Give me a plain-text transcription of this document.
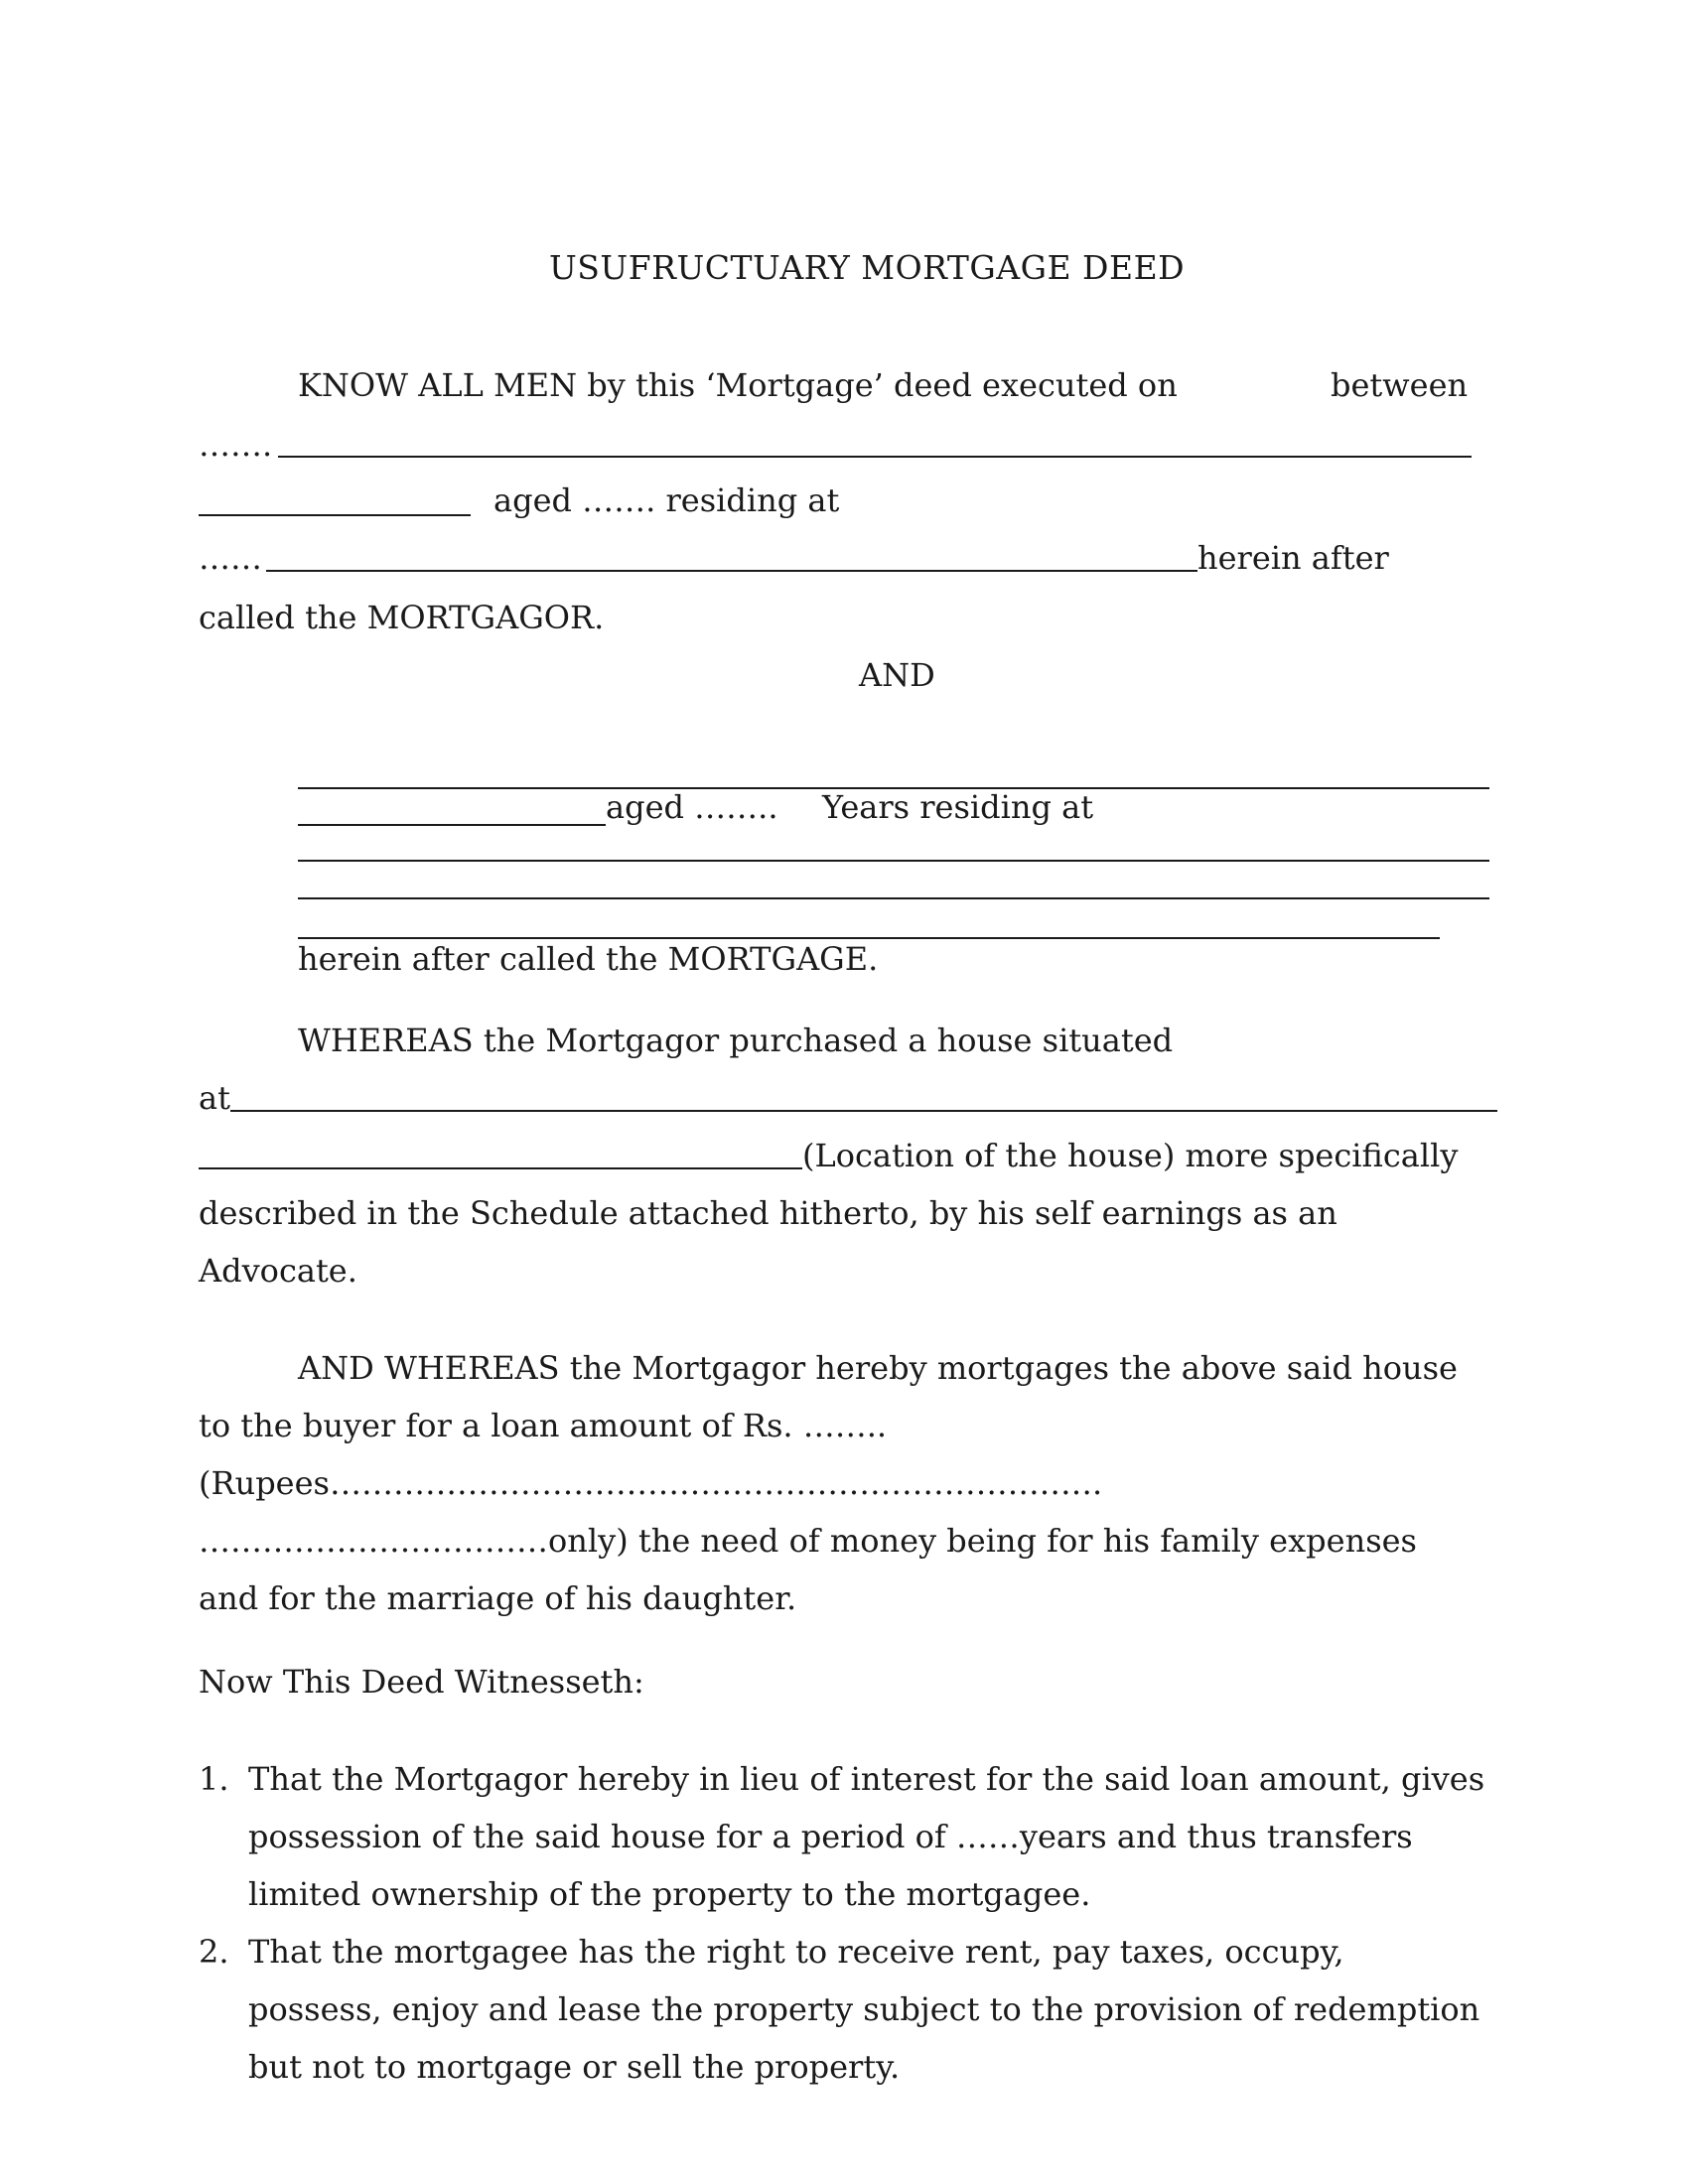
USUFRUCTUARY MORTGAGE DEED
KNOW ALL MEN by this ‘Mortgage’ deed executed on	between
…….
aged ……. residing at
……	herein after
called the MORTGAGOR.
AND
aged …….. Years residing at
herein after called the MORTGAGE.
WHEREAS the Mortgagor purchased a house situated
at
(Location of the house) more specifically
described in the Schedule attached hitherto, by his self earnings as an
Advocate.
AND WHEREAS the Mortgagor hereby mortgages the above said house
to the buyer for a loan amount of Rs. ……..
(Rupees……………………………………………………………….
……………………………only) the need of money being for his family expenses
and for the marriage of his daughter.
Now This Deed Witnesseth:
1. That the Mortgagor hereby in lieu of interest for the said loan amount, gives
possession of the said house for a period of ……years and thus transfers
limited ownership of the property to the mortgagee.
2. That the mortgagee has the right to receive rent, pay taxes, occupy,
possess, enjoy and lease the property subject to the provision of redemption
but not to mortgage or sell the property.
